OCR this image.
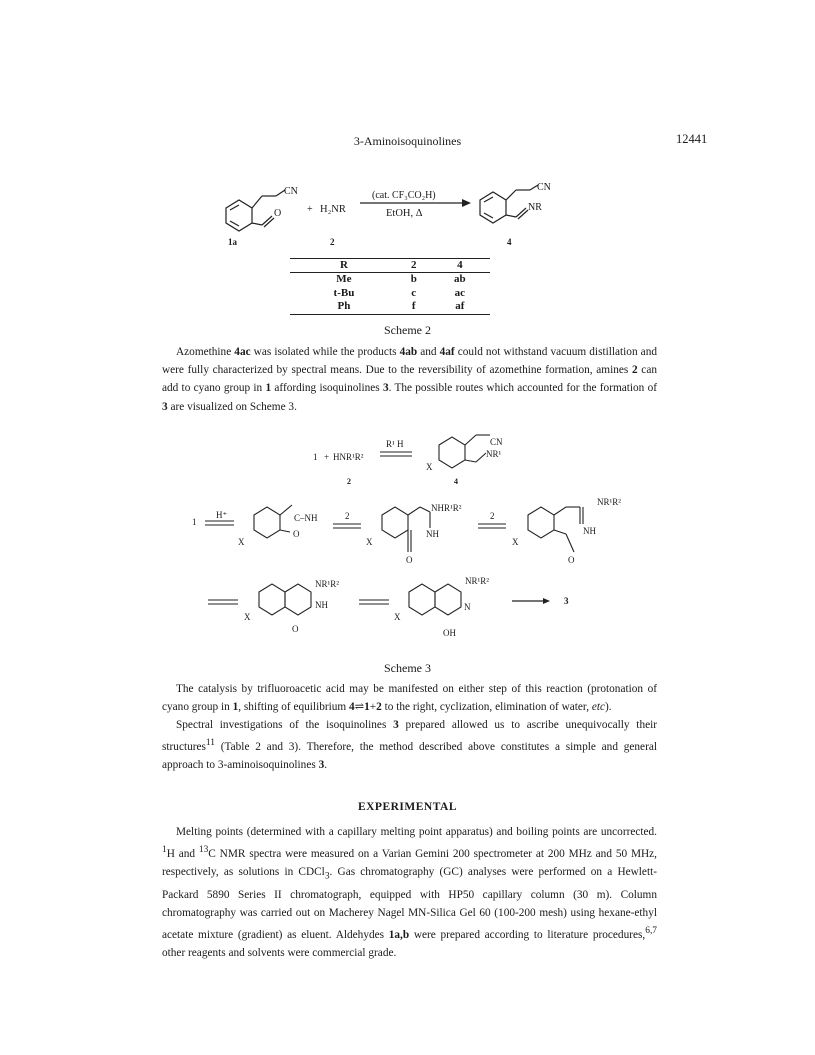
3-Aminoisoquinolines	12441
CN
O	+ H₂NR
(cat. CF₃CO₂H)
EtOH, Δ
CN
NR
1a	2	4
R	2	4
Me	b	ab
t-Bu	c	ac
Ph	f	af
Scheme 2

Azomethine 4ac was isolated while the products 4ab and 4af could not withstand vacuum distillation and were fully characterized by spectral means. Due to the reversibility of azomethine formation, amines 2 can add to cyano group in 1 affording isoquinolines 3. The possible routes which accounted for the formation of 3 are visualized on Scheme 3.

1 + HNR¹R²
R¹ H
2
CN
NR¹
X
4
1
H⁺	C–NH
O
X
2
NHR¹R²
NH
O
X
2
NR¹R²
NH
O
X
NR¹R²
NH
O
X
NR¹R²
N
OH
X
3
Scheme 3

The catalysis by trifluoroacetic acid may be manifested on either step of this reaction (protonation of cyano group in 1, shifting of equilibrium 4⇌1+2 to the right, cyclization, elimination of water, etc).

Spectral investigations of the isoquinolines 3 prepared allowed us to ascribe unequivocally their structures$^{11}$ (Table 2 and 3). Therefore, the method described above constitutes a simple and general approach to 3-aminoisoquinolines 3.

EXPERIMENTAL

Melting points (determined with a capillary melting point apparatus) and boiling points are uncorrected. $^1$H and $^{13}$C NMR spectra were measured on a Varian Gemini 200 spectrometer at 200 MHz and 50 MHz, respectively, as solutions in CDCl$_3$. Gas chromatography (GC) analyses were performed on a Hewlett-Packard 5890 Series II chromatograph, equipped with HP50 capillary column (30 m). Column chromatography was carried out on Macherey Nagel MN-Silica Gel 60 (100-200 mesh) using hexane-ethyl acetate mixture (gradient) as eluent. Aldehydes 1a,b were prepared according to literature procedures,$^{6,7}$ other reagents and solvents were commercial grade.
